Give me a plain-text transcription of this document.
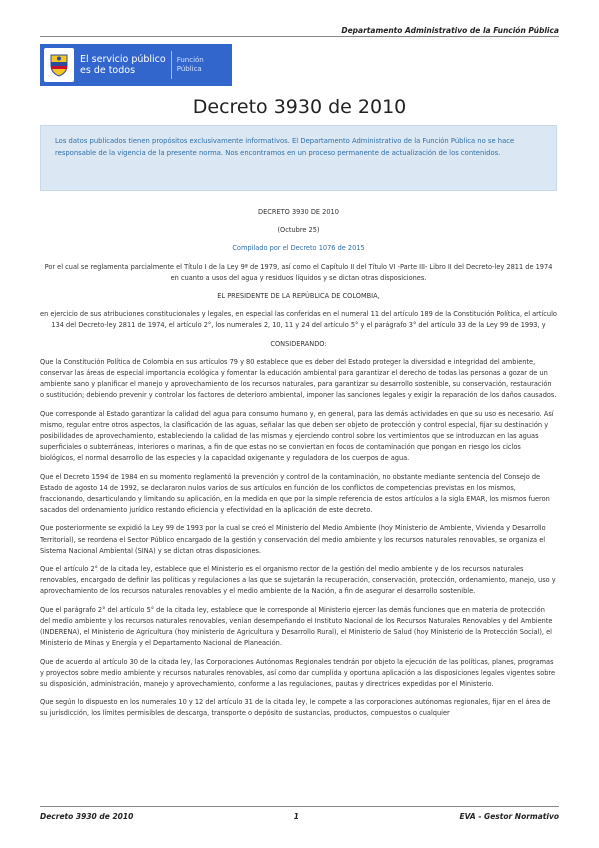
Departamento Administrativo de la Función Pública
El servicio público
es de todos
Función
Pública
Decreto 3930 de 2010
Los datos publicados tienen propósitos exclusivamente informativos. El Departamento Administrativo de la Función Pública no se hace responsable de la vigencia de la presente norma. Nos encontramos en un proceso permanente de actualización de los contenidos.
DECRETO 3930 DE 2010
(Octubre 25)
Compilado por el Decreto 1076 de 2015
Por el cual se reglamenta parcialmente el Título I de la Ley 9ª de 1979, así como el Capítulo II del Título VI -Parte III- Libro II del Decreto-ley 2811 de 1974 en cuanto a usos del agua y residuos líquidos y se dictan otras disposiciones.
EL PRESIDENTE DE LA REPÚBLICA DE COLOMBIA,
en ejercicio de sus atribuciones constitucionales y legales, en especial las conferidas en el numeral 11 del artículo 189 de la Constitución Política, el artículo 134 del Decreto-ley 2811 de 1974, el artículo 2°, los numerales 2, 10, 11 y 24 del artículo 5° y el parágrafo 3° del artículo 33 de la Ley 99 de 1993, y
CONSIDERANDO:
Que la Constitución Política de Colombia en sus artículos 79 y 80 establece que es deber del Estado proteger la diversidad e integridad del ambiente, conservar las áreas de especial importancia ecológica y fomentar la educación ambiental para garantizar el derecho de todas las personas a gozar de un ambiente sano y planificar el manejo y aprovechamiento de los recursos naturales, para garantizar su desarrollo sostenible, su conservación, restauración o sustitución; debiendo prevenir y controlar los factores de deterioro ambiental, imponer las sanciones legales y exigir la reparación de los daños causados.
Que corresponde al Estado garantizar la calidad del agua para consumo humano y, en general, para las demás actividades en que su uso es necesario. Así mismo, regular entre otros aspectos, la clasificación de las aguas, señalar las que deben ser objeto de protección y control especial, fijar su destinación y posibilidades de aprovechamiento, estableciendo la calidad de las mismas y ejerciendo control sobre los vertimientos que se introduzcan en las aguas superficiales o subterráneas, interiores o marinas, a fin de que estas no se conviertan en focos de contaminación que pongan en riesgo los ciclos biológicos, el normal desarrollo de las especies y la capacidad oxigenante y reguladora de los cuerpos de agua.
Que el Decreto 1594 de 1984 en su momento reglamentó la prevención y control de la contaminación, no obstante mediante sentencia del Consejo de Estado de agosto 14 de 1992, se declararon nulos varios de sus artículos en función de los conflictos de competencias previstas en los mismos, fraccionando, desarticulando y limitando su aplicación, en la medida en que por la simple referencia de estos artículos a la sigla EMAR, los mismos fueron sacados del ordenamiento jurídico restando eficiencia y efectividad en la aplicación de este decreto.
Que posteriormente se expidió la Ley 99 de 1993 por la cual se creó el Ministerio del Medio Ambiente (hoy Ministerio de Ambiente, Vivienda y Desarrollo Territorial), se reordena el Sector Público encargado de la gestión y conservación del medio ambiente y los recursos naturales renovables, se organiza el Sistema Nacional Ambiental (SINA) y se dictan otras disposiciones.
Que el artículo 2° de la citada ley, establece que el Ministerio es el organismo rector de la gestión del medio ambiente y de los recursos naturales renovables, encargado de definir las políticas y regulaciones a las que se sujetarán la recuperación, conservación, protección, ordenamiento, manejo, uso y aprovechamiento de los recursos naturales renovables y el medio ambiente de la Nación, a fin de asegurar el desarrollo sostenible.
Que el parágrafo 2° del artículo 5° de la citada ley, establece que le corresponde al Ministerio ejercer las demás funciones que en materia de protección del medio ambiente y los recursos naturales renovables, venían desempeñando el Instituto Nacional de los Recursos Naturales Renovables y del Ambiente (INDERENA), el Ministerio de Agricultura (hoy ministerio de Agricultura y Desarrollo Rural), el Ministerio de Salud (hoy Ministerio de la Protección Social), el Ministerio de Minas y Energía y el Departamento Nacional de Planeación.
Que de acuerdo al artículo 30 de la citada ley, las Corporaciones Autónomas Regionales tendrán por objeto la ejecución de las políticas, planes, programas y proyectos sobre medio ambiente y recursos naturales renovables, así como dar cumplida y oportuna aplicación a las disposiciones legales vigentes sobre su disposición, administración, manejo y aprovechamiento, conforme a las regulaciones, pautas y directrices expedidas por el Ministerio.
Que según lo dispuesto en los numerales 10 y 12 del artículo 31 de la citada ley, le compete a las corporaciones autónomas regionales, fijar en el área de su jurisdicción, los límites permisibles de descarga, transporte o depósito de sustancias, productos, compuestos o cualquier
Decreto 3930 de 2010	1	EVA - Gestor Normativo
